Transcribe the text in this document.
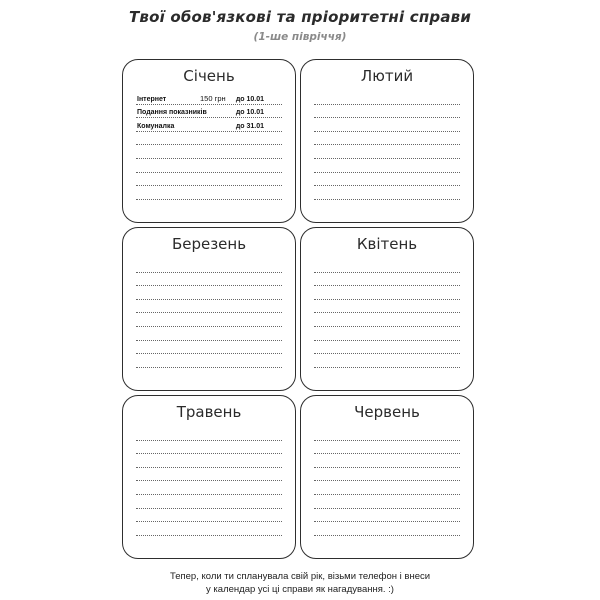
Твої обов'язкові та пріоритетні справи
(1-ше півріччя)
Січень
Інтернет	150 грн до 10.01
Подання показників	до 10.01
Комуналка	до 31.01
Лютий
Березень	Квітень
Травень	Червень
Тепер, коли ти спланувала свій рік, візьми телефон і внеси
у календар усі ці справи як нагадування. :)
